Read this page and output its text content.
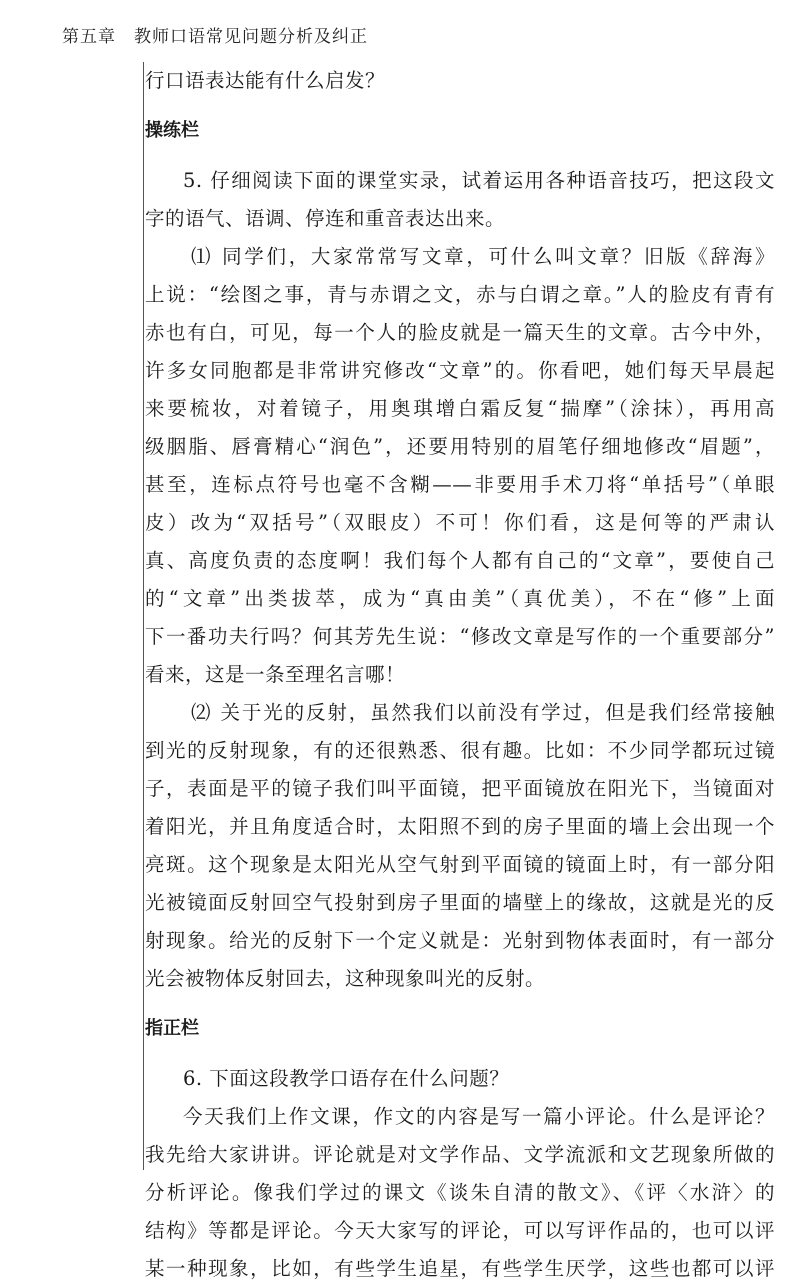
第五章 教师口语常见问题分析及纠正
行口语表达能有什么启发？
操练栏
5. 仔细阅读下面的课堂实录，试着运用各种语音技巧，把这段文
字的语气、语调、停连和重音表达出来。
⑴ 同学们，大家常常写文章，可什么叫文章？旧版《辞海》
上说：“绘图之事，青与赤谓之文，赤与白谓之章。”人的脸皮有青有
赤也有白，可见，每一个人的脸皮就是一篇天生的文章。古今中外，
许多女同胞都是非常讲究修改“文章”的。你看吧，她们每天早晨起
来要梳妆，对着镜子，用奥琪增白霜反复“揣摩”（涂抹），再用高
级胭脂、唇膏精心“润色”，还要用特别的眉笔仔细地修改“眉题”，
甚至，连标点符号也毫不含糊——非要用手术刀将“单括号”（单眼
皮）改为“双括号”（双眼皮）不可！你们看，这是何等的严肃认
真、高度负责的态度啊！我们每个人都有自己的“文章”，要使自己
的“文章”出类拔萃，成为“真由美”（真优美），不在“修”上面
下一番功夫行吗？何其芳先生说：“修改文章是写作的一个重要部分”
看来，这是一条至理名言哪！
⑵ 关于光的反射，虽然我们以前没有学过，但是我们经常接触
到光的反射现象，有的还很熟悉、很有趣。比如：不少同学都玩过镜
子，表面是平的镜子我们叫平面镜，把平面镜放在阳光下，当镜面对
着阳光，并且角度适合时，太阳照不到的房子里面的墙上会出现一个
亮斑。这个现象是太阳光从空气射到平面镜的镜面上时，有一部分阳
光被镜面反射回空气投射到房子里面的墙壁上的缘故，这就是光的反
射现象。给光的反射下一个定义就是：光射到物体表面时，有一部分
光会被物体反射回去，这种现象叫光的反射。
指正栏
6. 下面这段教学口语存在什么问题？
今天我们上作文课，作文的内容是写一篇小评论。什么是评论？
我先给大家讲讲。评论就是对文学作品、文学流派和文艺现象所做的
分析评论。像我们学过的课文《谈朱自清的散文》、《评〈水浒〉的
结构》等都是评论。今天大家写的评论，可以写评作品的，也可以评
某一种现象，比如，有些学生追星，有些学生厌学，这些也都可以评
